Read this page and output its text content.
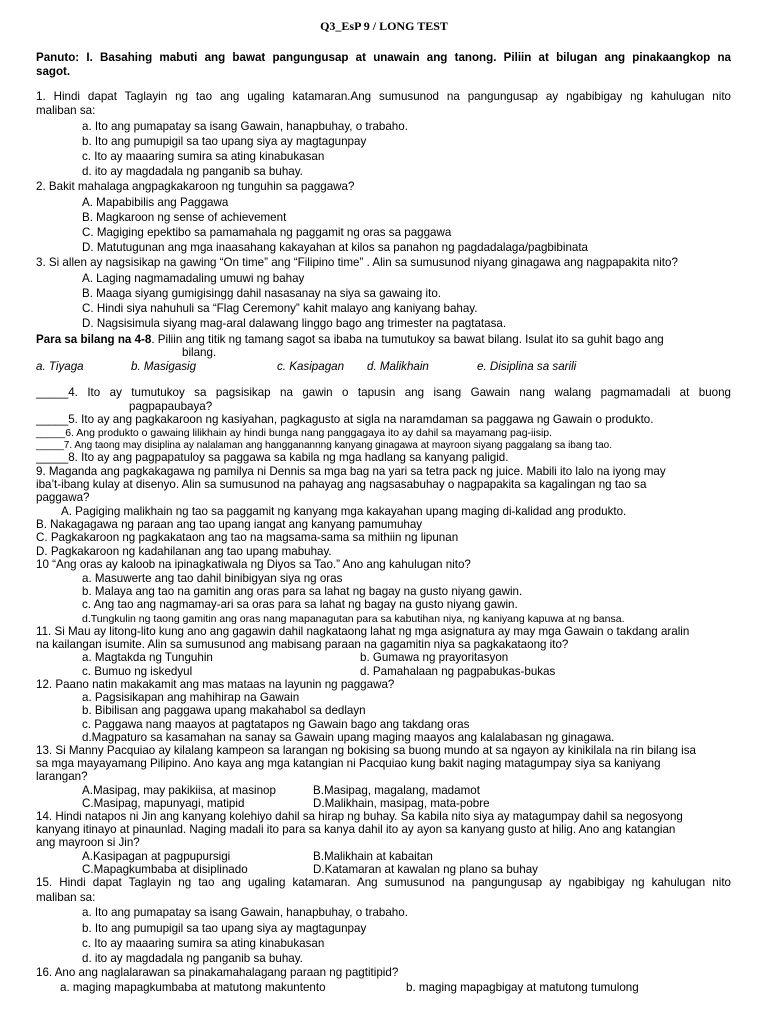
Q3_EsP 9 / LONG TEST
Panuto: I. Basahing mabuti ang bawat pangungusap at unawain ang tanong. Piliin at bilugan ang pinakaangkop na
sagot.
1. Hindi dapat Taglayin ng tao ang ugaling katamaran.Ang sumusunod na pangungusap ay ngabibigay ng kahulugan nito
maliban sa:
a. Ito ang pumapatay sa isang Gawain, hanapbuhay, o trabaho.
b. Ito ang pumupigil sa tao upang siya ay magtagunpay
c. Ito ay maaaring sumira sa ating kinabukasan
d. ito ay magdadala ng panganib sa buhay.
2. Bakit mahalaga angpagkakaroon ng tunguhin sa paggawa?
A. Mapabibilis ang Paggawa
B. Magkaroon ng sense of achievement
C. Magiging epektibo sa pamamahala ng paggamit ng oras sa paggawa
D. Matutugunan ang mga inaasahang kakayahan at kilos sa panahon ng pagdadalaga/pagbibinata
3. Si allen ay nagsisikap na gawing “On time” ang “Filipino time” . Alin sa sumusunod niyang ginagawa ang nagpapakita nito?
A. Laging nagmamadaling umuwi ng bahay
B. Maaga siyang gumigisingg dahil nasasanay na siya sa gawaing ito.
C. Hindi siya nahuhuli sa “Flag Ceremony” kahit malayo ang kaniyang bahay.
D. Nagsisimula siyang mag-aral dalawang linggo bago ang trimester na pagtatasa.
Para sa bilang na 4-8. Piliin ang titik ng tamang sagot sa ibaba na tumutukoy sa bawat bilang. Isulat ito sa guhit bago ang
bilang.
a. Tiyaga	b. Masigasig	c. Kasipagan d. Malikhain	e. Disiplina sa sarili
_____4. Ito ay tumutukoy sa pagsisikap na gawin o tapusin ang isang Gawain nang walang pagmamadali at buong
pagpapaubaya?
_____5. Ito ay ang pagkakaroon ng kasiyahan, pagkagusto at sigla na naramdaman sa paggawa ng Gawain o produkto.
_____6. Ang produkto o gawaing lilikhain ay hindi bunga nang panggagaya ito ay dahil sa mayamang pag-iisip.
_____7. Ang taong may disiplina ay nalalaman ang hangganannng kanyang ginagawa at mayroon siyang paggalang sa ibang tao.
_____8. Ito ay ang pagpapatuloy sa paggawa sa kabila ng mga hadlang sa kanyang paligid.
9. Maganda ang pagkakagawa ng pamilya ni Dennis sa mga bag na yari sa tetra pack ng juice. Mabili ito lalo na iyong may
iba’t-ibang kulay at disenyo. Alin sa sumusunod na pahayag ang nagsasabuhay o nagpapakita sa kagalingan ng tao sa
paggawa?
A. Pagiging malikhain ng tao sa paggamit ng kanyang mga kakayahan upang maging di-kalidad ang produkto.
B. Nakagagawa ng paraan ang tao upang iangat ang kanyang pamumuhay
C. Pagkakaroon ng pagkakataon ang tao na magsama-sama sa mithiin ng lipunan
D. Pagkakaroon ng kadahilanan ang tao upang mabuhay.
10 “Ang oras ay kaloob na ipinagkatiwala ng Diyos sa Tao.” Ano ang kahulugan nito?
a. Masuwerte ang tao dahil binibigyan siya ng oras
b. Malaya ang tao na gamitin ang oras para sa lahat ng bagay na gusto niyang gawin.
c. Ang tao ang nagmamay-ari sa oras para sa lahat ng bagay na gusto niyang gawin.
d.Tungkulin ng taong gamitin ang oras nang mapanagutan para sa kabutihan niya, ng kaniyang kapuwa at ng bansa.
11. Si Mau ay litong-lito kung ano ang gagawin dahil nagkataong lahat ng mga asignatura ay may mga Gawain o takdang aralin
na kailangan isumite. Alin sa sumusunod ang mabisang paraan na gagamitin niya sa pagkakataong ito?
a. Magtakda ng Tunguhin	b. Gumawa ng prayoritasyon
c. Bumuo ng iskedyul	d. Pamahalaan ng pagpabukas-bukas
12. Paano natin makakamit ang mas mataas na layunin ng paggawa?
a. Pagsisikapan ang mahihirap na Gawain
b. Bibilisan ang paggawa upang makahabol sa dedlayn
c. Paggawa nang maayos at pagtatapos ng Gawain bago ang takdang oras
d.Magpaturo sa kasamahan na sanay sa Gawain upang maging maayos ang kalalabasan ng ginagawa.
13. Si Manny Pacquiao ay kilalang kampeon sa larangan ng bokising sa buong mundo at sa ngayon ay kinikilala na rin bilang isa
sa mga mayayamang Pilipino. Ano kaya ang mga katangian ni Pacquiao kung bakit naging matagumpay siya sa kaniyang
larangan?
A.Masipag, may pakikiisa, at masinop	B.Masipag, magalang, madamot
C.Masipag, mapunyagi, matipid	D.Malikhain, masipag, mata-pobre
14. Hindi natapos ni Jin ang kanyang kolehiyo dahil sa hirap ng buhay. Sa kabila nito siya ay matagumpay dahil sa negosyong
kanyang itinayo at pinaunlad. Naging madali ito para sa kanya dahil ito ay ayon sa kanyang gusto at hilig. Ano ang katangian
ang mayroon si Jin?
A.Kasipagan at pagpupursigi	B.Malikhain at kabaitan
C.Mapagkumbaba at disiplinado	D.Katamaran at kawalan ng plano sa buhay
15. Hindi dapat Taglayin ng tao ang ugaling katamaran. Ang sumusunod na pangungusap ay ngabibigay ng kahulugan nito
maliban sa:
a. Ito ang pumapatay sa isang Gawain, hanapbuhay, o trabaho.
b. Ito ang pumupigil sa tao upang siya ay magtagunpay
c. Ito ay maaaring sumira sa ating kinabukasan
d. ito ay magdadala ng panganib sa buhay.
16. Ano ang naglalarawan sa pinakamahalagang paraan ng pagtitipid?
a. maging mapagkumbaba at matutong makuntento	b. maging mapagbigay at matutong tumulong
